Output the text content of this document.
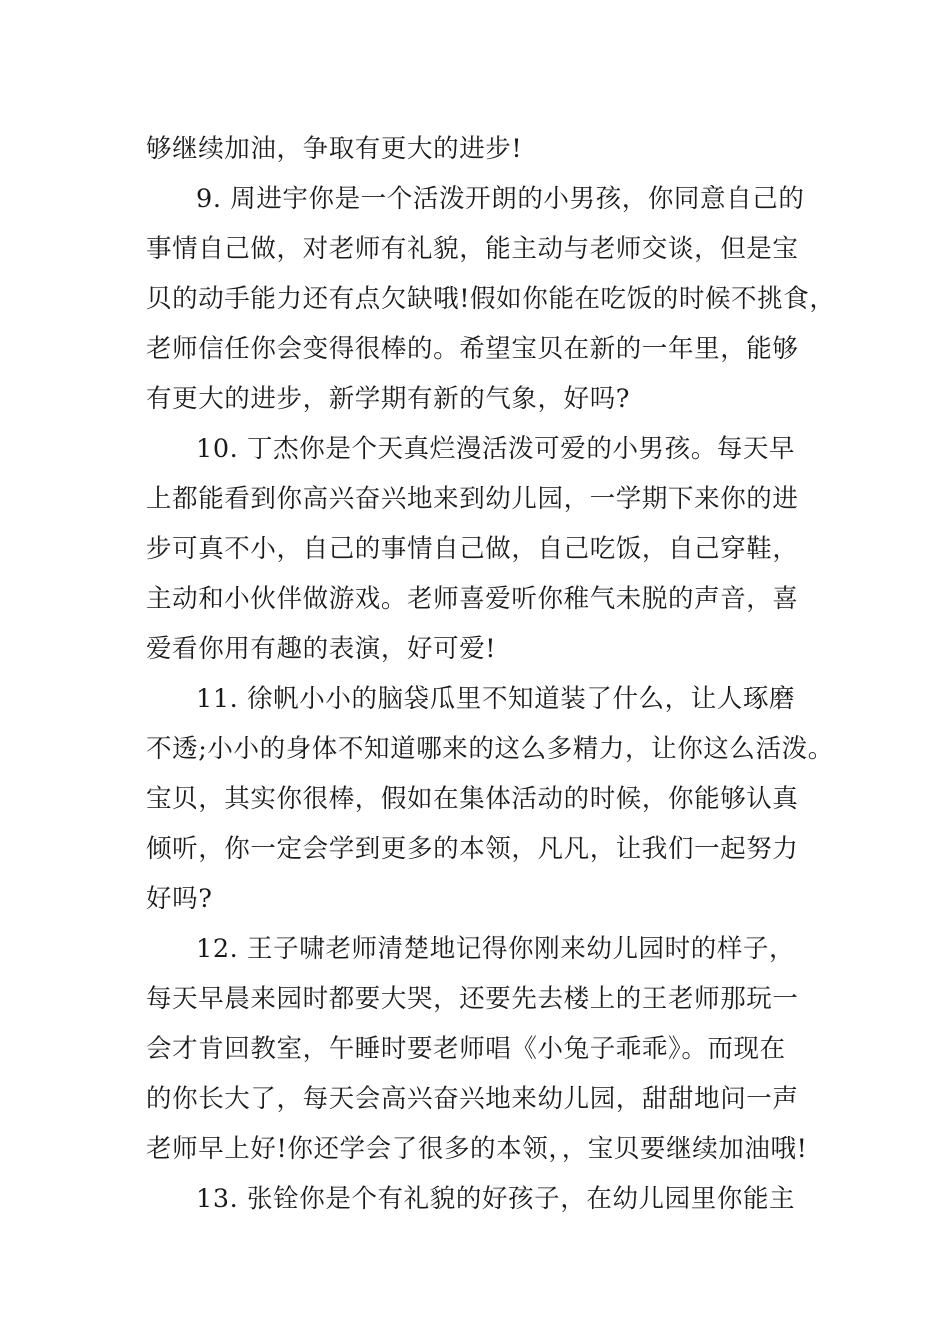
够继续加油，争取有更大的进步!
9. 周进宇你是一个活泼开朗的小男孩，你同意自己的
事情自己做，对老师有礼貌，能主动与老师交谈，但是宝
贝的动手能力还有点欠缺哦!假如你能在吃饭的时候不挑食，
老师信任你会变得很棒的。希望宝贝在新的一年里，能够
有更大的进步，新学期有新的气象，好吗?
10. 丁杰你是个天真烂漫活泼可爱的小男孩。每天早
上都能看到你高兴奋兴地来到幼儿园，一学期下来你的进
步可真不小，自己的事情自己做，自己吃饭，自己穿鞋，
主动和小伙伴做游戏。老师喜爱听你稚气未脱的声音，喜
爱看你用有趣的表演，好可爱!
11. 徐帆小小的脑袋瓜里不知道装了什么，让人琢磨
不透;小小的身体不知道哪来的这么多精力，让你这么活泼。
宝贝，其实你很棒，假如在集体活动的时候，你能够认真
倾听，你一定会学到更多的本领，凡凡，让我们一起努力
好吗?
12. 王子啸老师清楚地记得你刚来幼儿园时的样子，
每天早晨来园时都要大哭，还要先去楼上的王老师那玩一
会才肯回教室，午睡时要老师唱《小兔子乖乖》。而现在
的你长大了，每天会高兴奋兴地来幼儿园，甜甜地问一声
老师早上好!你还学会了很多的本领，，宝贝要继续加油哦!
13. 张铨你是个有礼貌的好孩子，在幼儿园里你能主
